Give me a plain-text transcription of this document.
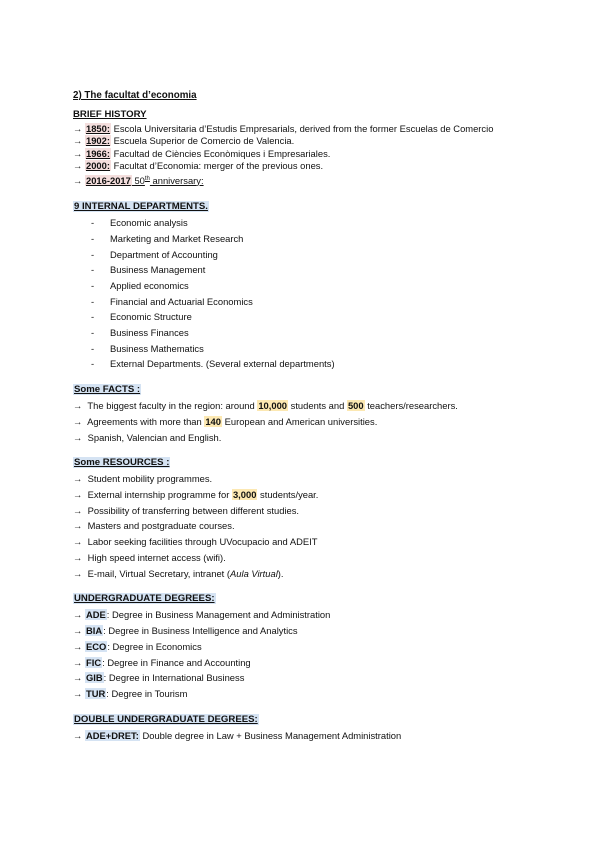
2) The facultat d’economia
BRIEF HISTORY
→ 1850: Escola Universitaria d’Estudis Empresarials, derived from the former Escuelas de Comercio
→ 1902: Escuela Superior de Comercio de Valencia.
→ 1966: Facultad de Ciències Econòmiques i Empresariales.
→ 2000: Facultat d’Economia: merger of the previous ones.
→ 2016-2017 50th anniversary:
9 INTERNAL DEPARTMENTS.
- Economic analysis
- Marketing and Market Research
- Department of Accounting
- Business Management
- Applied economics
- Financial and Actuarial Economics
- Economic Structure
- Business Finances
- Business Mathematics
- External Departments. (Several external departments)
Some FACTS :
→ The biggest faculty in the region: around 10,000 students and 500 teachers/researchers.
→ Agreements with more than 140 European and American universities.
→ Spanish, Valencian and English.
Some RESOURCES :
→ Student mobility programmes.
→ External internship programme for 3,000 students/year.
→ Possibility of transferring between different studies.
→ Masters and postgraduate courses.
→ Labor seeking facilities through UVocupacio and ADEIT
→ High speed internet access (wifi).
→ E-mail, Virtual Secretary, intranet (Aula Virtual).
UNDERGRADUATE DEGREES:
→ ADE: Degree in Business Management and Administration
→ BIA: Degree in Business Intelligence and Analytics
→ ECO: Degree in Economics
→ FIC: Degree in Finance and Accounting
→ GIB: Degree in International Business
→ TUR: Degree in Tourism
DOUBLE UNDERGRADUATE DEGREES:
→ ADE+DRET: Double degree in Law + Business Management Administration
